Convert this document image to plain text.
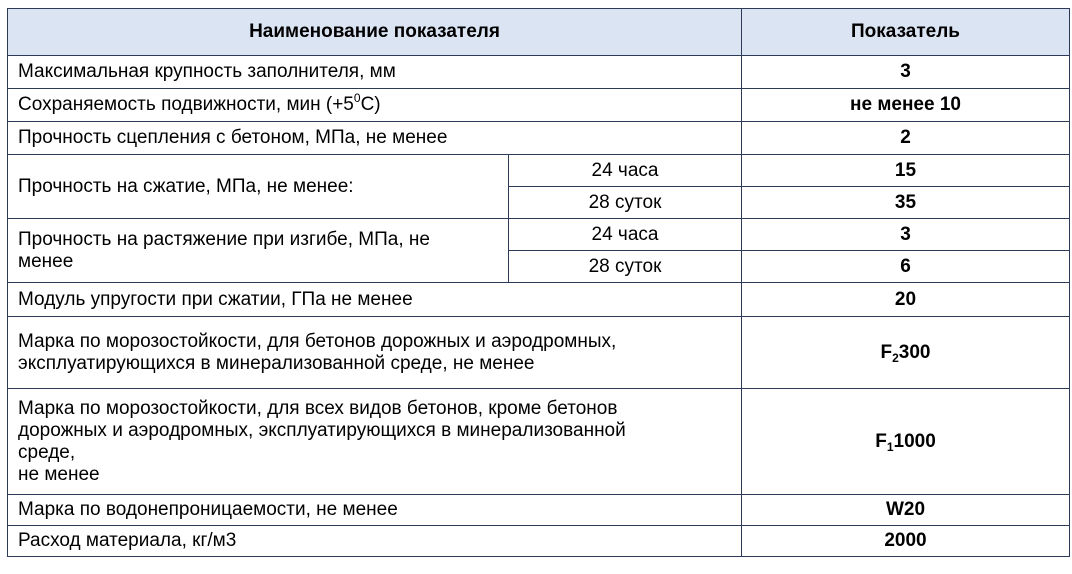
Наименование показателя		Показатель
Максимальная крупность заполнителя, мм		3
Сохраняемость подвижности, мин $(+5^0С)$		не менее 10
Прочность сцепления с бетоном, МПа, не менее		2
Прочность на сжатие, МПа, не менее:	24 часа	15
	28 суток	35

Прочность на растяжение при изгибе, МПа, не
менее	24 часа	3
	28 суток	6
Модуль упругости при сжатии, ГПа не менее		20

Марка по морозостойкости, для бетонов дорожных и аэродромных,
эксплуатирующихся в минерализованной среде, не менее		$F_2300$

Марка по морозостойкости, для всех видов бетонов, кроме бетонов
дорожных и аэродромных, эксплуатирующихся в минерализованной
среде,
не менее		$F_11000$
Марка по водонепроницаемости, не менее		W20
Расход материала, кг/м3		2000
